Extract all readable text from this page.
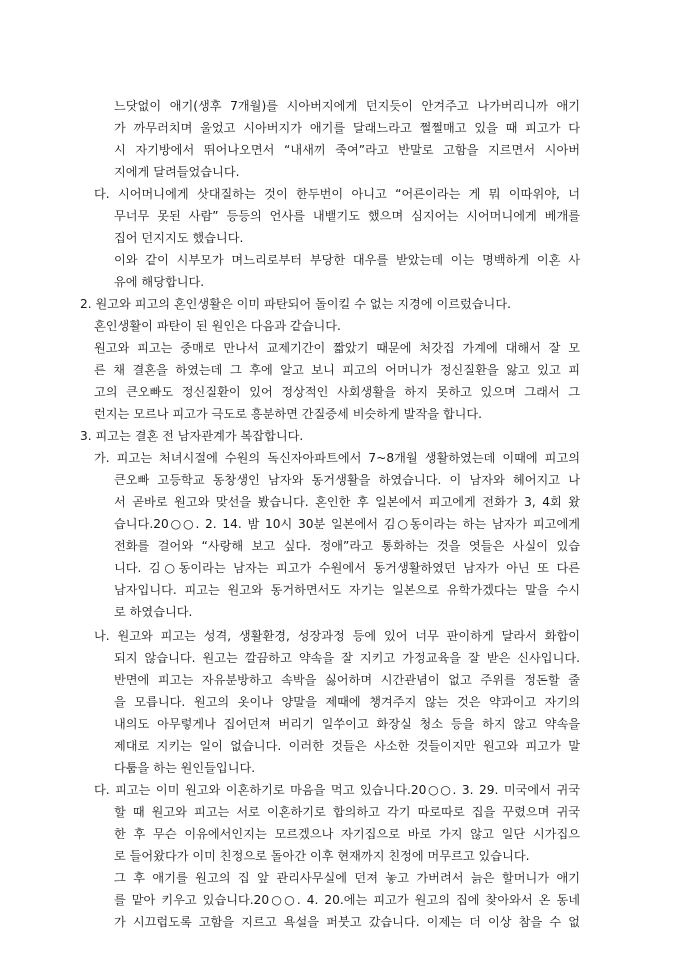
느닷없이 애기(생후 7개월)를 시아버지에게 던지듯이 안겨주고 나가버리니까 애기
가 까무러치며 울었고 시아버지가 애기를 달래느라고 쩔쩔매고 있을 때 피고가 다
시 자기방에서 뛰어나오면서 “내새끼 죽여”라고 반말로 고함을 지르면서 시아버
지에게 달려들었습니다.
다. 시어머니에게 삿대질하는 것이 한두번이 아니고 “어른이라는 게 뭐 이따위야, 너
무너무 못된 사람” 등등의 언사를 내뱉기도 했으며 심지어는 시어머니에게 베개를
집어 던지지도 했습니다.
이와 같이 시부모가 며느리로부터 부당한 대우를 받았는데 이는 명백하게 이혼 사
유에 해당합니다.
2. 원고와 피고의 혼인생활은 이미 파탄되어 돌이킬 수 없는 지경에 이르렀습니다.
혼인생활이 파탄이 된 원인은 다음과 같습니다.
원고와 피고는 중매로 만나서 교제기간이 짧았기 때문에 처갓집 가계에 대해서 잘 모
른 채 결혼을 하였는데 그 후에 알고 보니 피고의 어머니가 정신질환을 앓고 있고 피
고의 큰오빠도 정신질환이 있어 정상적인 사회생활을 하지 못하고 있으며 그래서 그
런지는 모르나 피고가 극도로 흥분하면 간질증세 비슷하게 발작을 합니다.
3. 피고는 결혼 전 남자관계가 복잡합니다.
가. 피고는 처녀시절에 수원의 독신자아파트에서 7~8개월 생활하였는데 이때에 피고의
큰오빠 고등학교 동창생인 남자와 동거생활을 하였습니다. 이 남자와 헤어지고 나
서 곧바로 원고와 맞선을 봤습니다. 혼인한 후 일본에서 피고에게 전화가 3, 4회 왔
습니다.20○○. 2. 14. 밤 10시 30분 일본에서 김○동이라는 하는 남자가 피고에게
전화를 걸어와 “사랑해 보고 싶다. 정애”라고 통화하는 것을 엿들은 사실이 있습
니다. 김○동이라는 남자는 피고가 수원에서 동거생활하였던 남자가 아닌 또 다른
남자입니다. 피고는 원고와 동거하면서도 자기는 일본으로 유학가겠다는 말을 수시
로 하였습니다.
나. 원고와 피고는 성격, 생활환경, 성장과정 등에 있어 너무 판이하게 달라서 화합이
되지 않습니다. 원고는 깔끔하고 약속을 잘 지키고 가정교육을 잘 받은 신사입니다.
반면에 피고는 자유분방하고 속박을 싫어하며 시간관념이 없고 주위를 정돈할 줄
을 모릅니다. 원고의 옷이나 양말을 제때에 챙겨주지 않는 것은 약과이고 자기의
내의도 아무렇게나 집어던져 버리기 일쑤이고 화장실 청소 등을 하지 않고 약속을
제대로 지키는 일이 없습니다. 이러한 것들은 사소한 것들이지만 원고와 피고가 말
다툼을 하는 원인들입니다.
다. 피고는 이미 원고와 이혼하기로 마음을 먹고 있습니다.20○○. 3. 29. 미국에서 귀국
할 때 원고와 피고는 서로 이혼하기로 합의하고 각기 따로따로 집을 꾸렸으며 귀국
한 후 무슨 이유에서인지는 모르겠으나 자기집으로 바로 가지 않고 일단 시가집으
로 들어왔다가 이미 친정으로 돌아간 이후 현재까지 친정에 머무르고 있습니다.
그 후 애기를 원고의 집 앞 관리사무실에 던져 놓고 가버려서 늙은 할머니가 애기
를 맡아 키우고 있습니다.20○○. 4. 20.에는 피고가 원고의 집에 찾아와서 온 동네
가 시끄럽도록 고함을 지르고 욕설을 퍼붓고 갔습니다. 이제는 더 이상 참을 수 없
